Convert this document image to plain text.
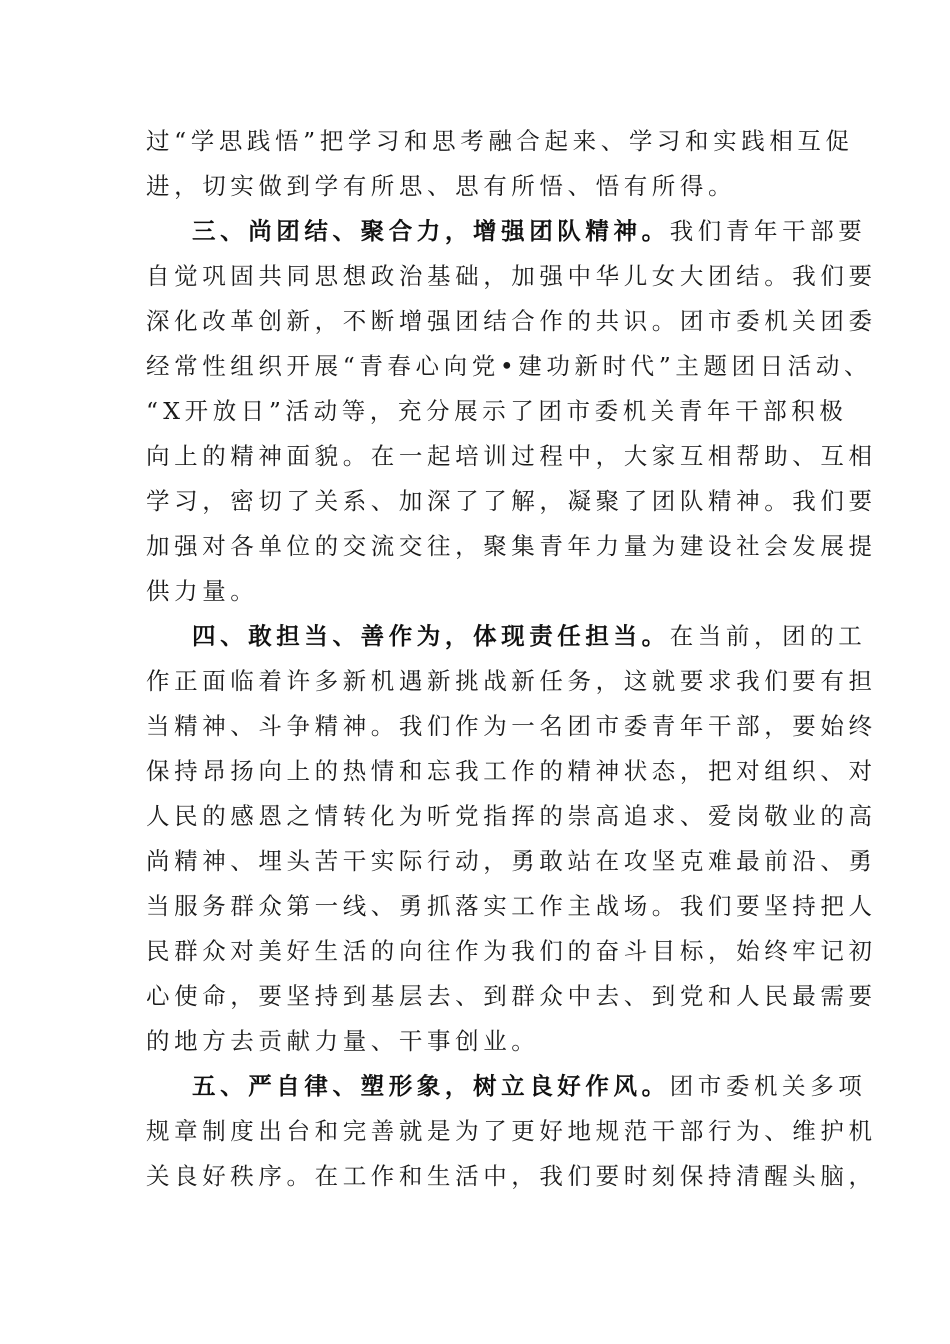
过“学思践悟”把学习和思考融合起来、学习和实践相互促
进，切实做到学有所思、思有所悟、悟有所得。
三、尚团结、聚合力，增强团队精神。我们青年干部要
自觉巩固共同思想政治基础，加强中华儿女大团结。我们要
深化改革创新，不断增强团结合作的共识。团市委机关团委
经常性组织开展“青春心向党•建功新时代”主题团日活动、
“X开放日”活动等，充分展示了团市委机关青年干部积极
向上的精神面貌。在一起培训过程中，大家互相帮助、互相
学习，密切了关系、加深了了解，凝聚了团队精神。我们要
加强对各单位的交流交往，聚集青年力量为建设社会发展提
供力量。
四、敢担当、善作为，体现责任担当。在当前，团的工
作正面临着许多新机遇新挑战新任务，这就要求我们要有担
当精神、斗争精神。我们作为一名团市委青年干部，要始终
保持昂扬向上的热情和忘我工作的精神状态，把对组织、对
人民的感恩之情转化为听党指挥的崇高追求、爱岗敬业的高
尚精神、埋头苦干实际行动，勇敢站在攻坚克难最前沿、勇
当服务群众第一线、勇抓落实工作主战场。我们要坚持把人
民群众对美好生活的向往作为我们的奋斗目标，始终牢记初
心使命，要坚持到基层去、到群众中去、到党和人民最需要
的地方去贡献力量、干事创业。
五、严自律、塑形象，树立良好作风。团市委机关多项
规章制度出台和完善就是为了更好地规范干部行为、维护机
关良好秩序。在工作和生活中，我们要时刻保持清醒头脑，
